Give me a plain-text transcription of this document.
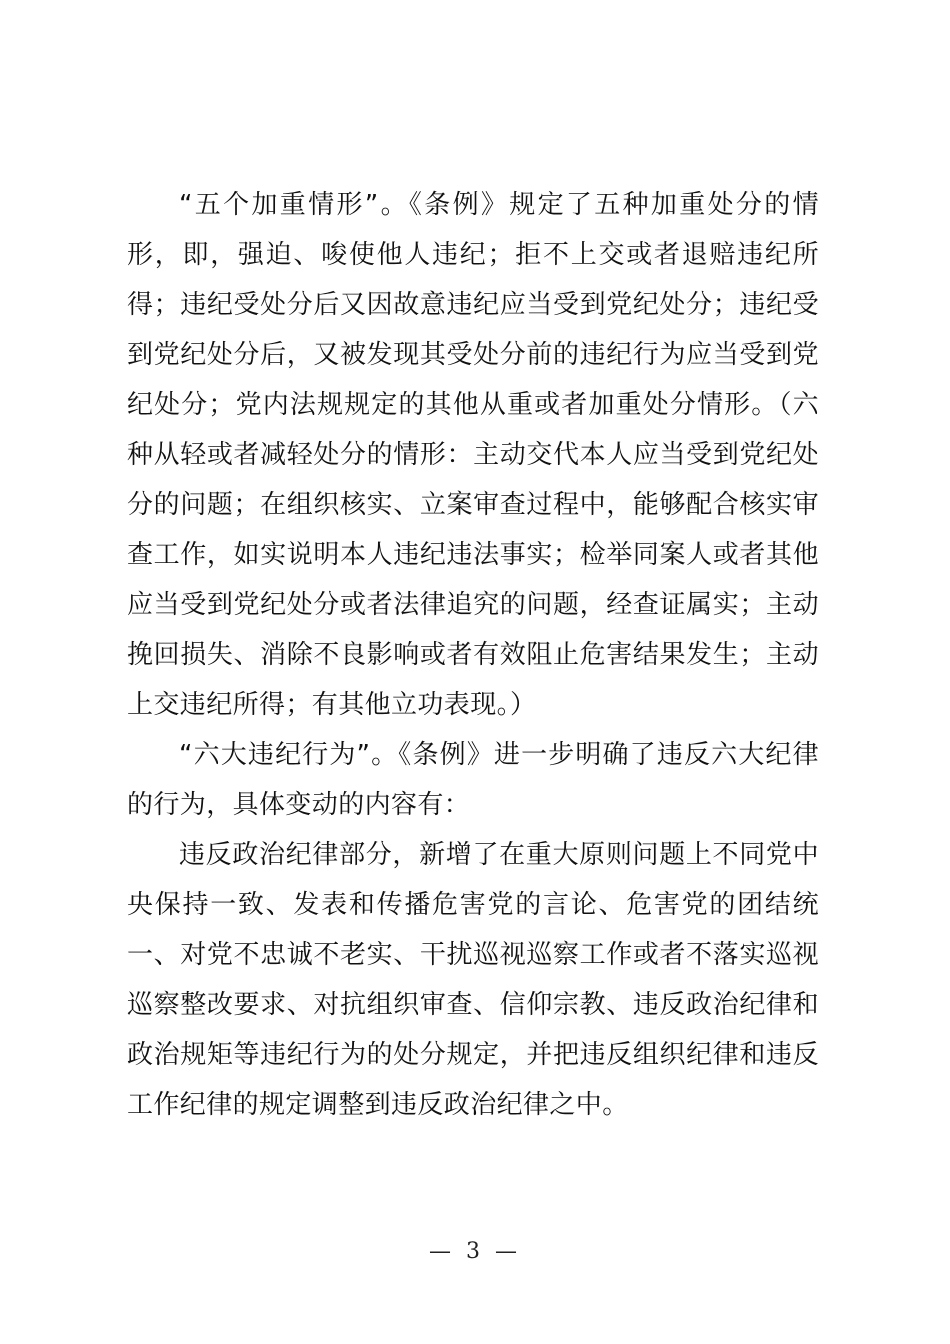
“五个加重情形”。《条例》规定了五种加重处分的情形，即，强迫、唆使他人违纪；拒不上交或者退赔违纪所得；违纪受处分后又因故意违纪应当受到党纪处分；违纪受到党纪处分后，又被发现其受处分前的违纪行为应当受到党纪处分；党内法规规定的其他从重或者加重处分情形。（六种从轻或者减轻处分的情形：主动交代本人应当受到党纪处分的问题；在组织核实、立案审查过程中，能够配合核实审查工作，如实说明本人违纪违法事实；检举同案人或者其他应当受到党纪处分或者法律追究的问题，经查证属实；主动挽回损失、消除不良影响或者有效阻止危害结果发生；主动上交违纪所得；有其他立功表现。）

“六大违纪行为”。《条例》进一步明确了违反六大纪律的行为，具体变动的内容有：

违反政治纪律部分，新增了在重大原则问题上不同党中央保持一致、发表和传播危害党的言论、危害党的团结统一、对党不忠诚不老实、干扰巡视巡察工作或者不落实巡视巡察整改要求、对抗组织审查、信仰宗教、违反政治纪律和政治规矩等违纪行为的处分规定，并把违反组织纪律和违反工作纪律的规定调整到违反政治纪律之中。

— 3 —
